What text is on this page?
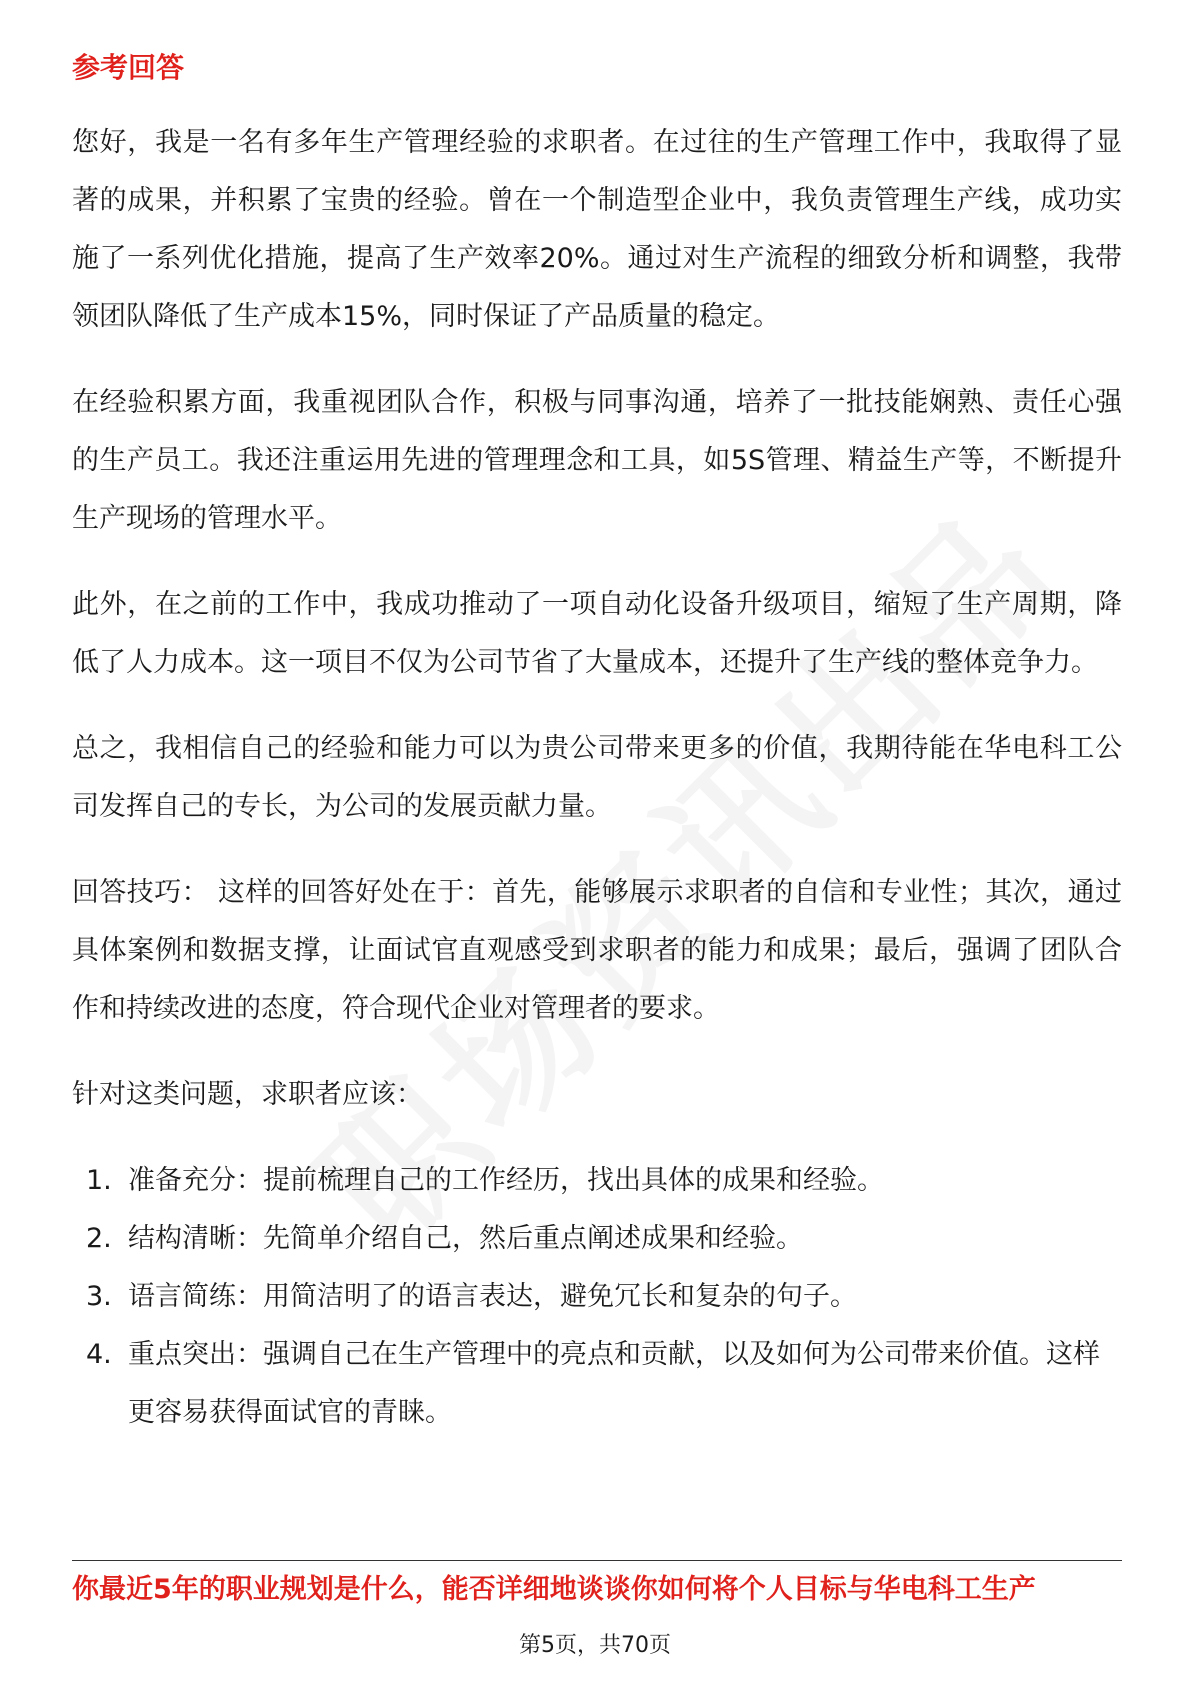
参考回答

您好，我是一名有多年生产管理经验的求职者。在过往的生产管理工作中，我取得了显著的成果，并积累了宝贵的经验。曾在一个制造型企业中，我负责管理生产线，成功实施了一系列优化措施，提高了生产效率20%。通过对生产流程的细致分析和调整，我带领团队降低了生产成本15%，同时保证了产品质量的稳定。

在经验积累方面，我重视团队合作，积极与同事沟通，培养了一批技能娴熟、责任心强的生产员工。我还注重运用先进的管理理念和工具，如5S管理、精益生产等，不断提升生产现场的管理水平。

此外，在之前的工作中，我成功推动了一项自动化设备升级项目，缩短了生产周期，降低了人力成本。这一项目不仅为公司节省了大量成本，还提升了生产线的整体竞争力。

总之，我相信自己的经验和能力可以为贵公司带来更多的价值，我期待能在华电科工公司发挥自己的专长，为公司的发展贡献力量。

回答技巧： 这样的回答好处在于：首先，能够展示求职者的自信和专业性；其次，通过具体案例和数据支撑，让面试官直观感受到求职者的能力和成果；最后，强调了团队合作和持续改进的态度，符合现代企业对管理者的要求。

针对这类问题，求职者应该：

1. 准备充分：提前梳理自己的工作经历，找出具体的成果和经验。
2. 结构清晰：先简单介绍自己，然后重点阐述成果和经验。
3. 语言简练：用简洁明了的语言表达，避免冗长和复杂的句子。
4. 重点突出：强调自己在生产管理中的亮点和贡献，以及如何为公司带来价值。这样更容易获得面试官的青睐。
你最近5年的职业规划是什么，能否详细地谈谈你如何将个人目标与华电科工生产
第5页，共70页
